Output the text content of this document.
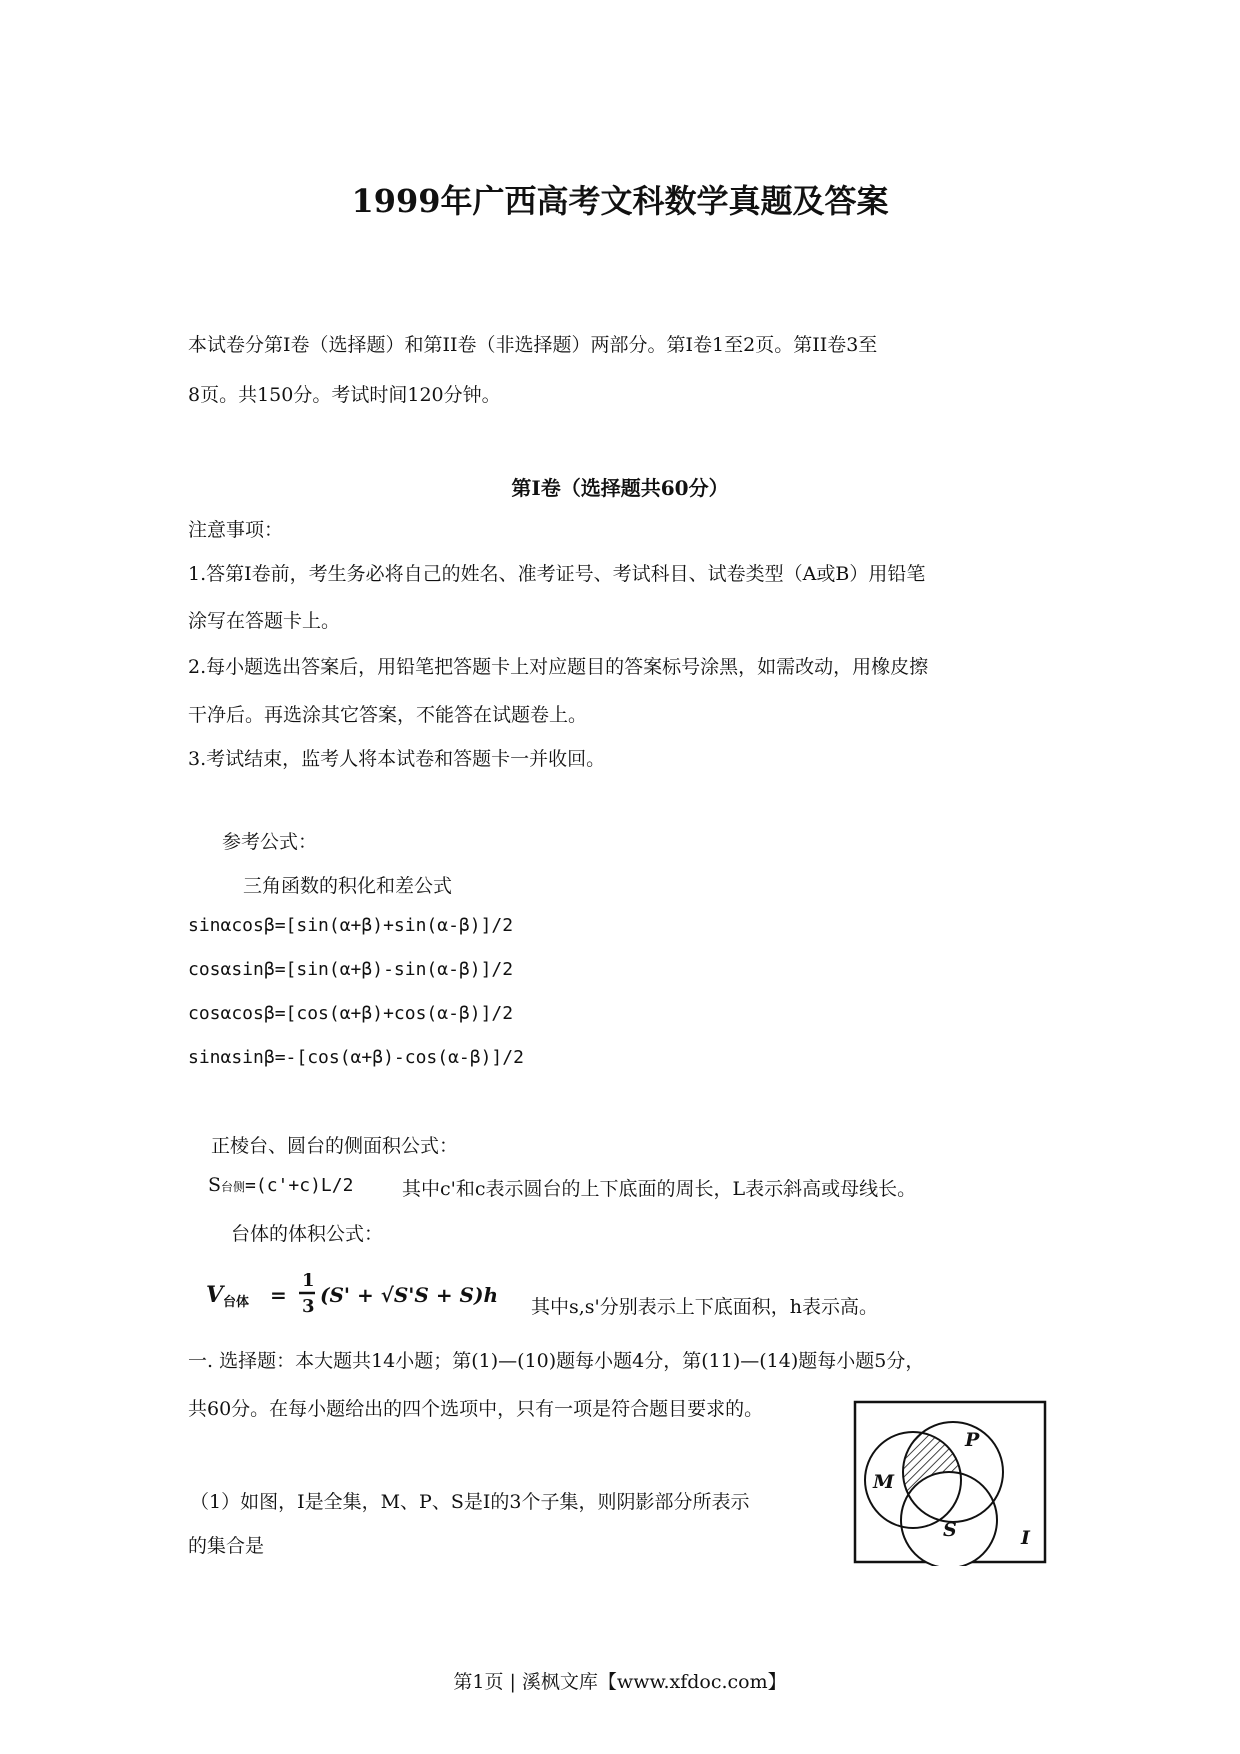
1999年广西高考文科数学真题及答案
本试卷分第Ⅰ卷（选择题）和第II卷（非选择题）两部分。第Ⅰ卷1至2页。第II卷3至
8页。共150分。考试时间120分钟。
第Ⅰ卷（选择题共60分）
注意事项：
1.答第Ⅰ卷前，考生务必将自己的姓名、准考证号、考试科目、试卷类型（A或B）用铅笔
涂写在答题卡上。
2.每小题选出答案后，用铅笔把答题卡上对应题目的答案标号涂黑，如需改动，用橡皮擦
干净后。再选涂其它答案，不能答在试题卷上。
3.考试结束，监考人将本试卷和答题卡一并收回。
参考公式：
三角函数的积化和差公式
sinαcosβ=[sin(α+β)+sin(α-β)]/2
cosαsinβ=[sin(α+β)-sin(α-β)]/2
cosαcosβ=[cos(α+β)+cos(α-β)]/2
sinαsinβ=-[cos(α+β)-cos(α-β)]/2
正棱台、圆台的侧面积公式：
S台侧=(c'+c)L/2	其中c'和c表示圆台的上下底面的周长，L表示斜高或母线长。
台体的体积公式：
V 台体 =
1
3 (S' + √S'S + S)h 其中s,s'分别表示上下底面积，h表示高。
一. 选择题：本大题共14小题；第(1)—(10)题每小题4分，第(11)—(14)题每小题5分，
共60分。在每小题给出的四个选项中，只有一项是符合题目要求的。
（1）如图，I是全集，M、P、S是I的3个子集，则阴影部分所表示
的集合是
M
P
S	I
第1页 | 溪枫文库【www.xfdoc.com】
